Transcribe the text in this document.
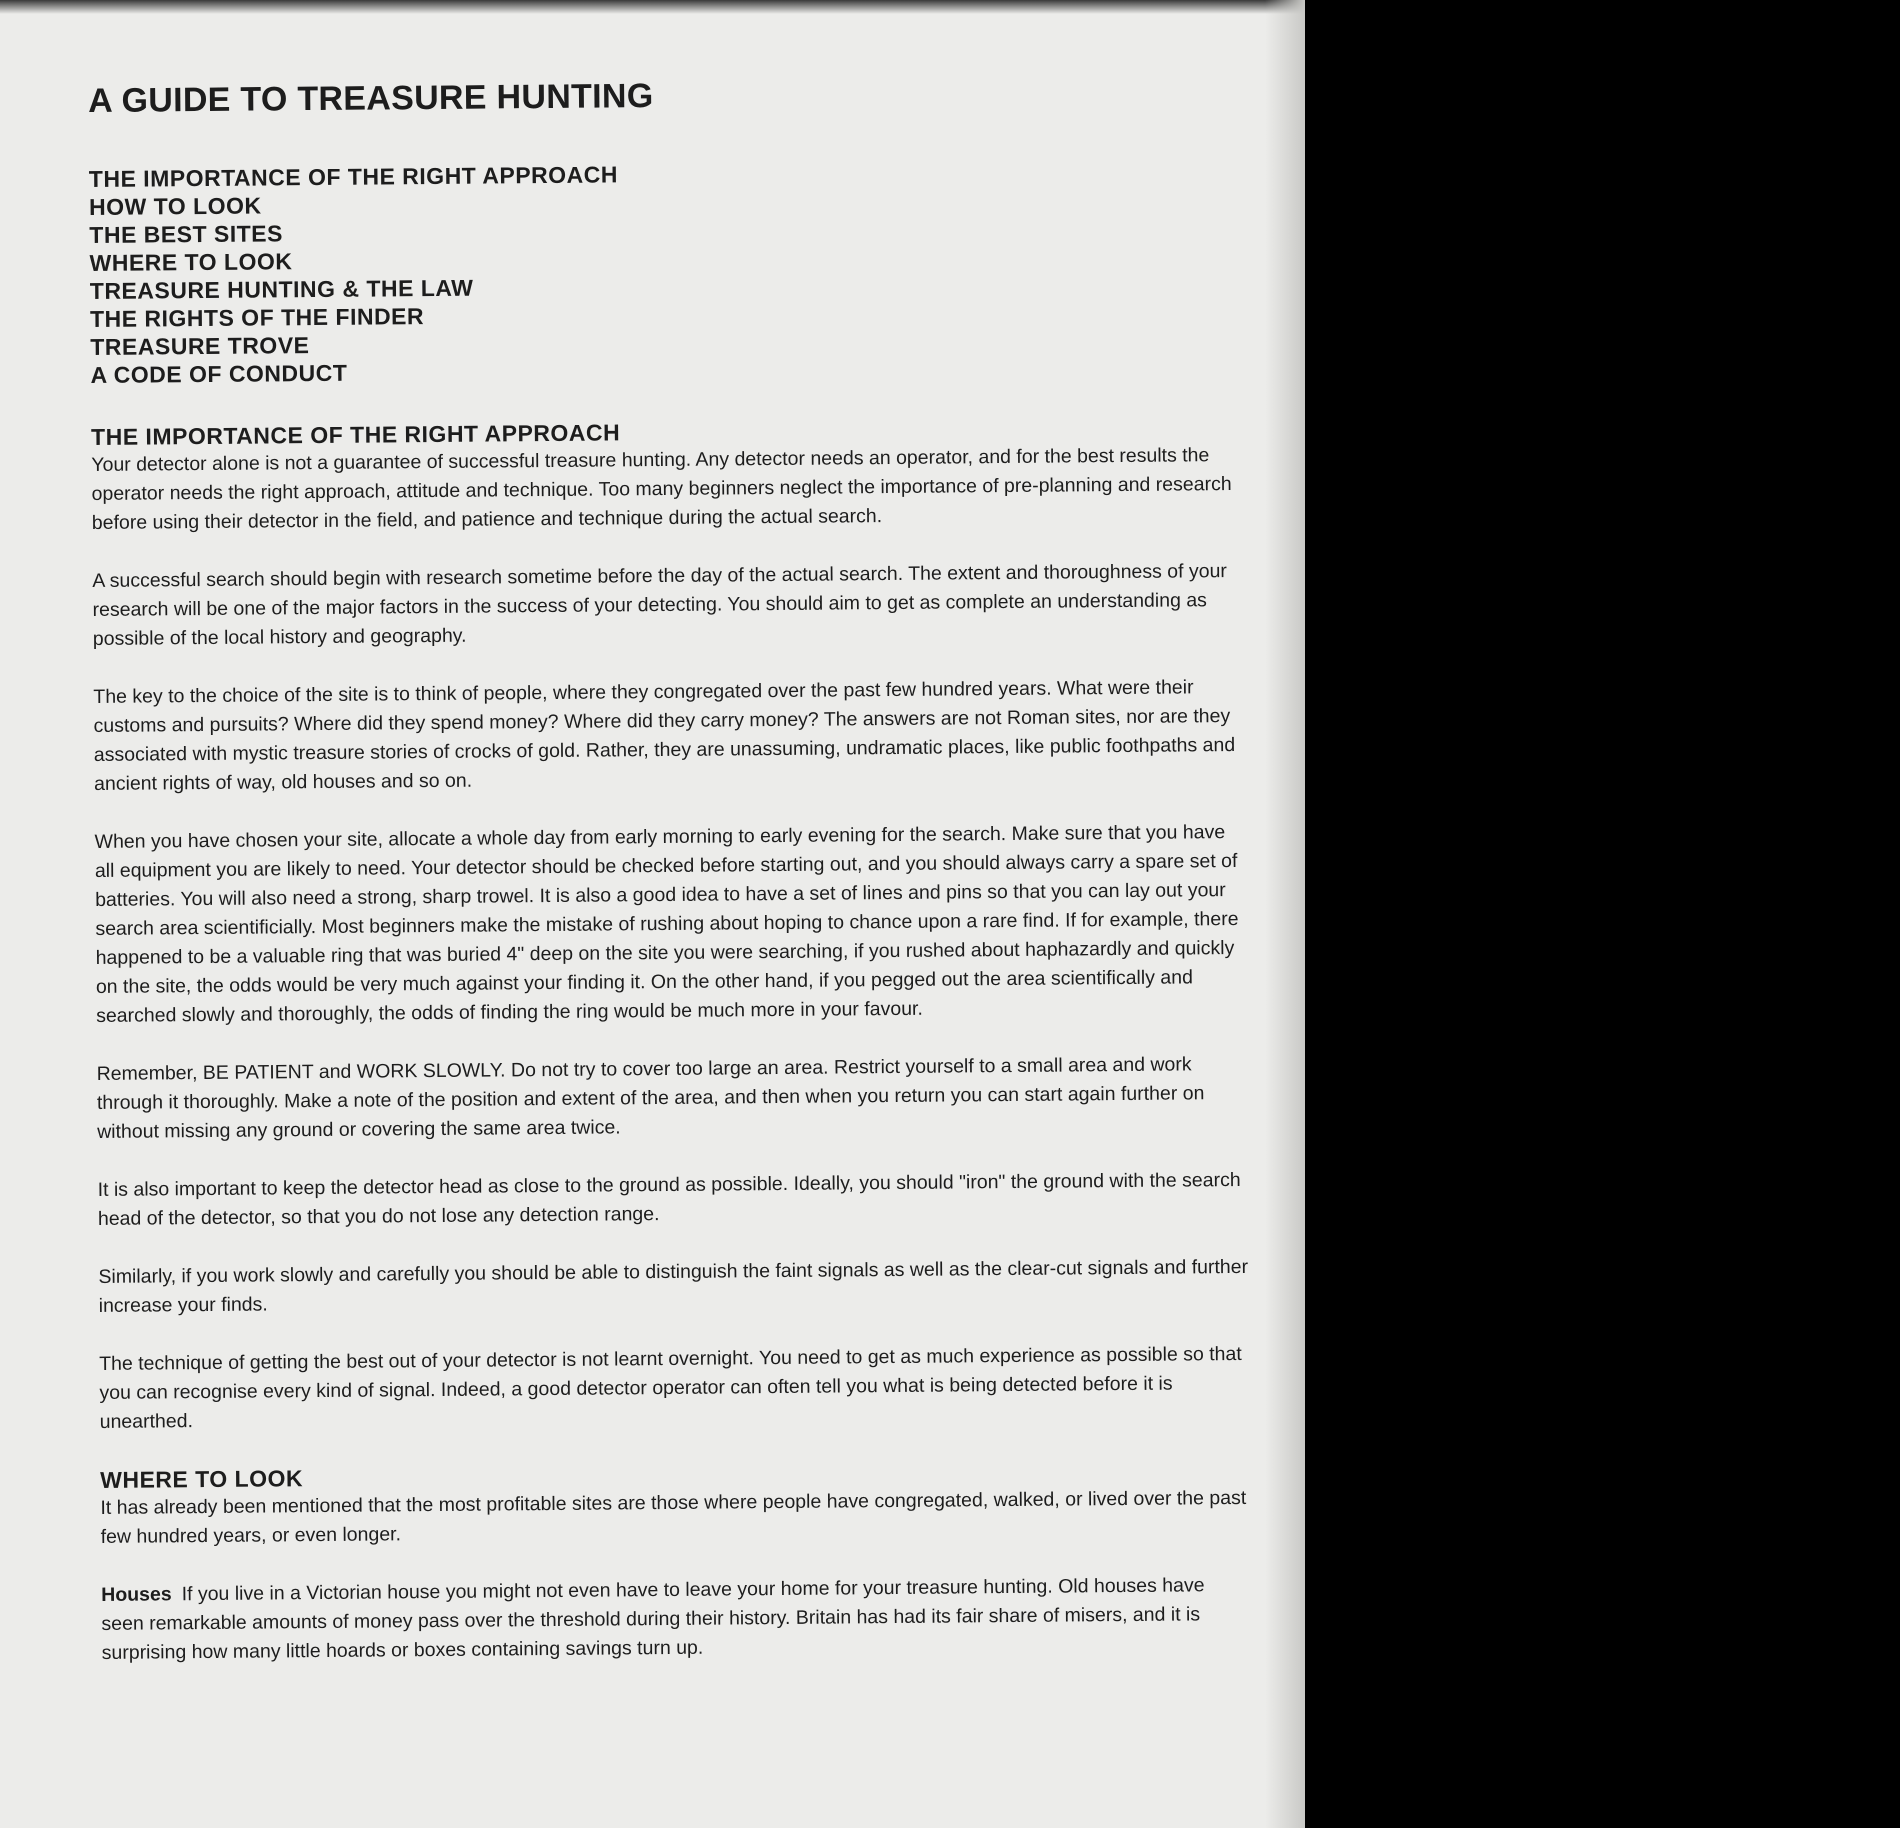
A GUIDE TO TREASURE HUNTING
THE IMPORTANCE OF THE RIGHT APPROACH
HOW TO LOOK
THE BEST SITES
WHERE TO LOOK
TREASURE HUNTING & THE LAW
THE RIGHTS OF THE FINDER
TREASURE TROVE
A CODE OF CONDUCT
THE IMPORTANCE OF THE RIGHT APPROACH

Your detector alone is not a guarantee of successful treasure hunting. Any detector needs an operator, and for the best results the operator needs the right approach, attitude and technique. Too many beginners neglect the importance of pre-planning and research before using their detector in the field, and patience and technique during the actual search.

A successful search should begin with research sometime before the day of the actual search. The extent and thoroughness of your research will be one of the major factors in the success of your detecting. You should aim to get as complete an understanding as possible of the local history and geography.

The key to the choice of the site is to think of people, where they congregated over the past few hundred years. What were their customs and pursuits? Where did they spend money? Where did they carry money? The answers are not Roman sites, nor are they associated with mystic treasure stories of crocks of gold. Rather, they are unassuming, undramatic places, like public foothpaths and ancient rights of way, old houses and so on.

When you have chosen your site, allocate a whole day from early morning to early evening for the search. Make sure that you have all equipment you are likely to need. Your detector should be checked before starting out, and you should always carry a spare set of batteries. You will also need a strong, sharp trowel. It is also a good idea to have a set of lines and pins so that you can lay out your search area scientificially. Most beginners make the mistake of rushing about hoping to chance upon a rare find. If for example, there happened to be a valuable ring that was buried 4" deep on the site you were searching, if you rushed about haphazardly and quickly on the site, the odds would be very much against your finding it. On the other hand, if you pegged out the area scientifically and searched slowly and thoroughly, the odds of finding the ring would be much more in your favour.

Remember, BE PATIENT and WORK SLOWLY. Do not try to cover too large an area. Restrict yourself to a small area and work through it thoroughly. Make a note of the position and extent of the area, and then when you return you can start again further on without missing any ground or covering the same area twice.

It is also important to keep the detector head as close to the ground as possible. Ideally, you should "iron" the ground with the search head of the detector, so that you do not lose any detection range.

Similarly, if you work slowly and carefully you should be able to distinguish the faint signals as well as the clear-cut signals and further increase your finds.

The technique of getting the best out of your detector is not learnt overnight. You need to get as much experience as possible so that you can recognise every kind of signal. Indeed, a good detector operator can often tell you what is being detected before it is unearthed.

WHERE TO LOOK

It has already been mentioned that the most profitable sites are those where people have congregated, walked, or lived over the past few hundred years, or even longer.

Houses If you live in a Victorian house you might not even have to leave your home for your treasure hunting. Old houses have seen remarkable amounts of money pass over the threshold during their history. Britain has had its fair share of misers, and it is surprising how many little hoards or boxes containing savings turn up.
